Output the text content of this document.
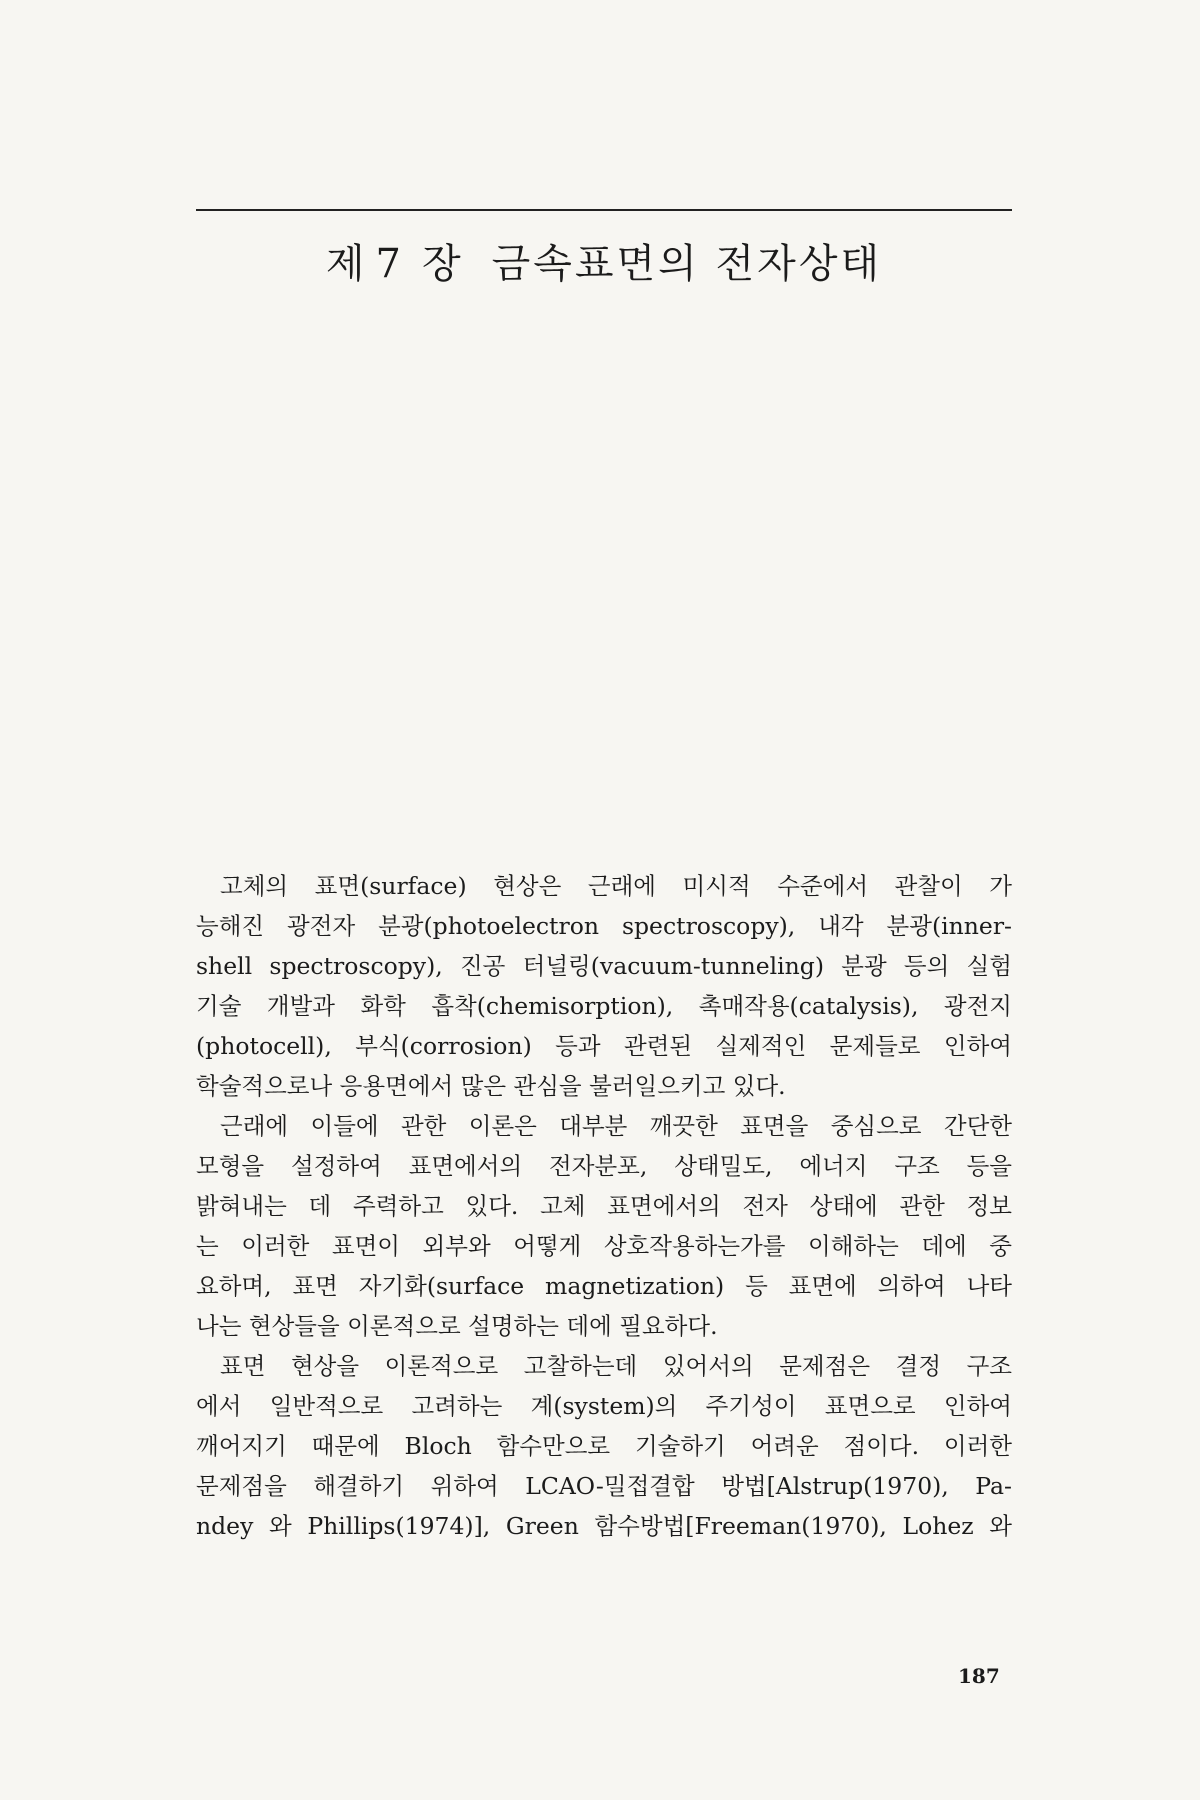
제 7 장 금속표면의 전자상태
고체의 표면(surface) 현상은 근래에 미시적 수준에서 관찰이 가
능해진 광전자 분광(photoelectron spectroscopy), 내각 분광(inner-
shell spectroscopy), 진공 터널링(vacuum-tunneling) 분광 등의 실험
기술 개발과 화학 흡착(chemisorption), 촉매작용(catalysis), 광전지
(photocell), 부식(corrosion) 등과 관련된 실제적인 문제들로 인하여
학술적으로나 응용면에서 많은 관심을 불러일으키고 있다.
근래에 이들에 관한 이론은 대부분 깨끗한 표면을 중심으로 간단한
모형을 설정하여 표면에서의 전자분포, 상태밀도, 에너지 구조 등을
밝혀내는 데 주력하고 있다. 고체 표면에서의 전자 상태에 관한 정보
는 이러한 표면이 외부와 어떻게 상호작용하는가를 이해하는 데에 중
요하며, 표면 자기화(surface magnetization) 등 표면에 의하여 나타
나는 현상들을 이론적으로 설명하는 데에 필요하다.
표면 현상을 이론적으로 고찰하는데 있어서의 문제점은 결정 구조
에서 일반적으로 고려하는 계(system)의 주기성이 표면으로 인하여
깨어지기 때문에 Bloch 함수만으로 기술하기 어려운 점이다. 이러한
문제점을 해결하기 위하여 LCAO-밀접결합 방법[Alstrup(1970), Pa-
ndey 와 Phillips(1974)], Green 함수방법[Freeman(1970), Lohez 와
187
